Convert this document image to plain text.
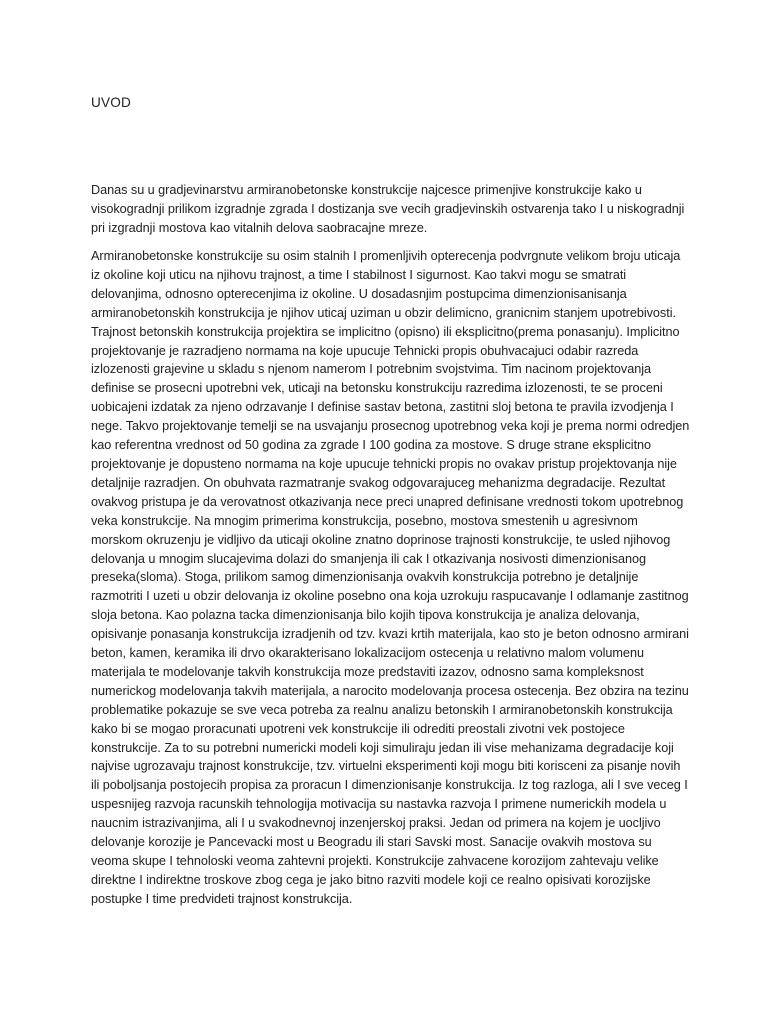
UVOD

Danas su u gradjevinarstvu armiranobetonske konstrukcije najcesce primenjive konstrukcije kako u visokogradnji prilikom izgradnje zgrada I dostizanja sve vecih gradjevinskih ostvarenja tako I u niskogradnji pri izgradnji mostova kao vitalnih delova saobracajne mreze.

Armiranobetonske konstrukcije su osim stalnih I promenljivih opterecenja podvrgnute velikom broju uticaja iz okoline koji uticu na njihovu trajnost, a time I stabilnost I sigurnost. Kao takvi mogu se smatrati delovanjima, odnosno opterecenjima iz okoline. U dosadasnjim postupcima dimenzionisanisanja armiranobetonskih konstrukcija je njihov uticaj uziman u obzir delimicno, granicnim stanjem upotrebivosti. Trajnost betonskih konstrukcija projektira se implicitno (opisno) ili eksplicitno(prema ponasanju). Implicitno projektovanje je razradjeno normama na koje upucuje Tehnicki propis obuhvacajuci odabir razreda izlozenosti grajevine u skladu s njenom namerom I potrebnim svojstvima. Tim nacinom projektovanja definise se prosecni upotrebni vek, uticaji na betonsku konstrukciju razredima izlozenosti, te se proceni uobicajeni izdatak za njeno odrzavanje I definise sastav betona, zastitni sloj betona te pravila izvodjenja I nege. Takvo projektovanje temelji se na usvajanju prosecnog upotrebnog veka koji je prema normi odredjen kao referentna vrednost od 50 godina za zgrade I 100 godina za mostove. S druge strane eksplicitno projektovanje je dopusteno normama na koje upucuje tehnicki propis no ovakav pristup projektovanja nije detaljnije razradjen. On obuhvata razmatranje svakog odgovarajuceg mehanizma degradacije. Rezultat ovakvog pristupa je da verovatnost otkazivanja nece preci unapred definisane vrednosti tokom upotrebnog veka konstrukcije. Na mnogim primerima konstrukcija, posebno, mostova smestenih u agresivnom morskom okruzenju je vidljivo da uticaji okoline znatno doprinose trajnosti konstrukcije, te usled njihovog delovanja u mnogim slucajevima dolazi do smanjenja ili cak I otkazivanja nosivosti dimenzionisanog preseka(sloma). Stoga, prilikom samog dimenzionisanja ovakvih konstrukcija potrebno je detaljnije razmotriti I uzeti u obzir delovanja iz okoline posebno ona koja uzrokuju raspucavanje I odlamanje zastitnog sloja betona. Kao polazna tacka dimenzionisanja bilo kojih tipova konstrukcija je analiza delovanja, opisivanje ponasanja konstrukcija izradjenih od tzv. kvazi krtih materijala, kao sto je beton odnosno armirani beton, kamen, keramika ili drvo okarakterisano lokalizacijom ostecenja u relativno malom volumenu materijala te modelovanje takvih konstrukcija moze predstaviti izazov, odnosno sama kompleksnost numerickog modelovanja takvih materijala, a narocito modelovanja procesa ostecenja. Bez obzira na tezinu problematike pokazuje se sve veca potreba za realnu analizu betonskih I armiranobetonskih konstrukcija kako bi se mogao proracunati upotreni vek konstrukcije ili odrediti preostali zivotni vek postojece konstrukcije. Za to su potrebni numericki modeli koji simuliraju jedan ili vise mehanizama degradacije koji najvise ugrozavaju trajnost konstrukcije, tzv. virtuelni eksperimenti koji mogu biti korisceni za pisanje novih ili poboljsanja postojecih propisa za proracun I dimenzionisanje konstrukcija. Iz tog razloga, ali I sve veceg I uspesnijeg razvoja racunskih tehnologija motivacija su nastavka razvoja I primene numerickih modela u naucnim istrazivanjima, ali I u svakodnevnoj inzenjerskoj praksi. Jedan od primera na kojem je uocljivo delovanje korozije je Pancevacki most u Beogradu ili stari Savski most. Sanacije ovakvih mostova su veoma skupe I tehnoloski veoma zahtevni projekti. Konstrukcije zahvacene korozijom zahtevaju velike direktne I indirektne troskove zbog cega je jako bitno razviti modele koji ce realno opisivati korozijske postupke I time predvideti trajnost konstrukcija.
